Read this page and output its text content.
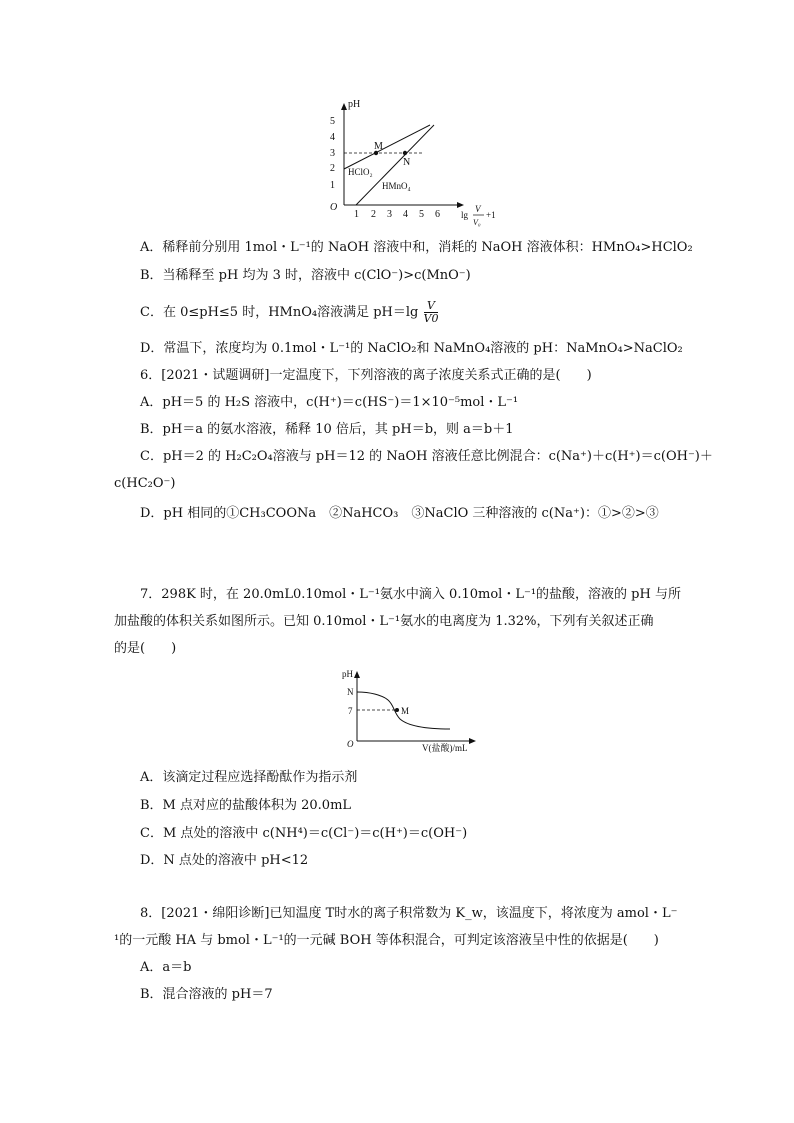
pH
O
1
2
3
4
5
1 2 3 4 5 6 lg
V
V₀
+1
M
N
HClO₂
HMnO₄
A．稀释前分别用 1mol・L⁻¹的 NaOH 溶液中和，消耗的 NaOH 溶液体积：HMnO₄>HClO₂
B．当稀释至 pH 均为 3 时，溶液中 c(ClO⁻)>c(MnO⁻)
C．在 0≤pH≤5 时，HMnO₄溶液满足 $pH=\lg \frac{V}{V0}$
D．常温下，浓度均为 0.1mol・L⁻¹的 NaClO₂和 NaMnO₄溶液的 pH：NaMnO₄>NaClO₂
6．[2021・试题调研]一定温度下，下列溶液的离子浓度关系式正确的是(　　)
A．pH＝5 的 H₂S 溶液中，c(H⁺)＝c(HS⁻)＝1×10⁻⁵mol・L⁻¹
B．pH＝a 的氨水溶液，稀释 10 倍后，其 pH＝b，则 a＝b＋1
C．pH＝2 的 H₂C₂O₄溶液与 pH＝12 的 NaOH 溶液任意比例混合：c(Na⁺)＋c(H⁺)＝c(OH⁻)＋
c(HC₂O⁻)
D．pH 相同的①CH₃COONa　②NaHCO₃　③NaClO 三种溶液的 c(Na⁺)：①>②>③
7．298K 时，在 20.0mL0.10mol・L⁻¹氨水中滴入 0.10mol・L⁻¹的盐酸，溶液的 pH 与所
加盐酸的体积关系如图所示。已知 0.10mol・L⁻¹氨水的电离度为 1.32%，下列有关叙述正确
的是(　　)
pH
O
N
7	M
V(盐酸)/mL
A．该滴定过程应选择酚酞作为指示剂
B．M 点对应的盐酸体积为 20.0mL
C．M 点处的溶液中 c(NH⁴)＝c(Cl⁻)＝c(H⁺)＝c(OH⁻)
D．N 点处的溶液中 pH<12
8．[2021・绵阳诊断]已知温度 T时水的离子积常数为 K_w，该温度下，将浓度为 amol・L⁻
¹的一元酸 HA 与 bmol・L⁻¹的一元碱 BOH 等体积混合，可判定该溶液呈中性的依据是(　　)
A．a＝b
B．混合溶液的 pH＝7
